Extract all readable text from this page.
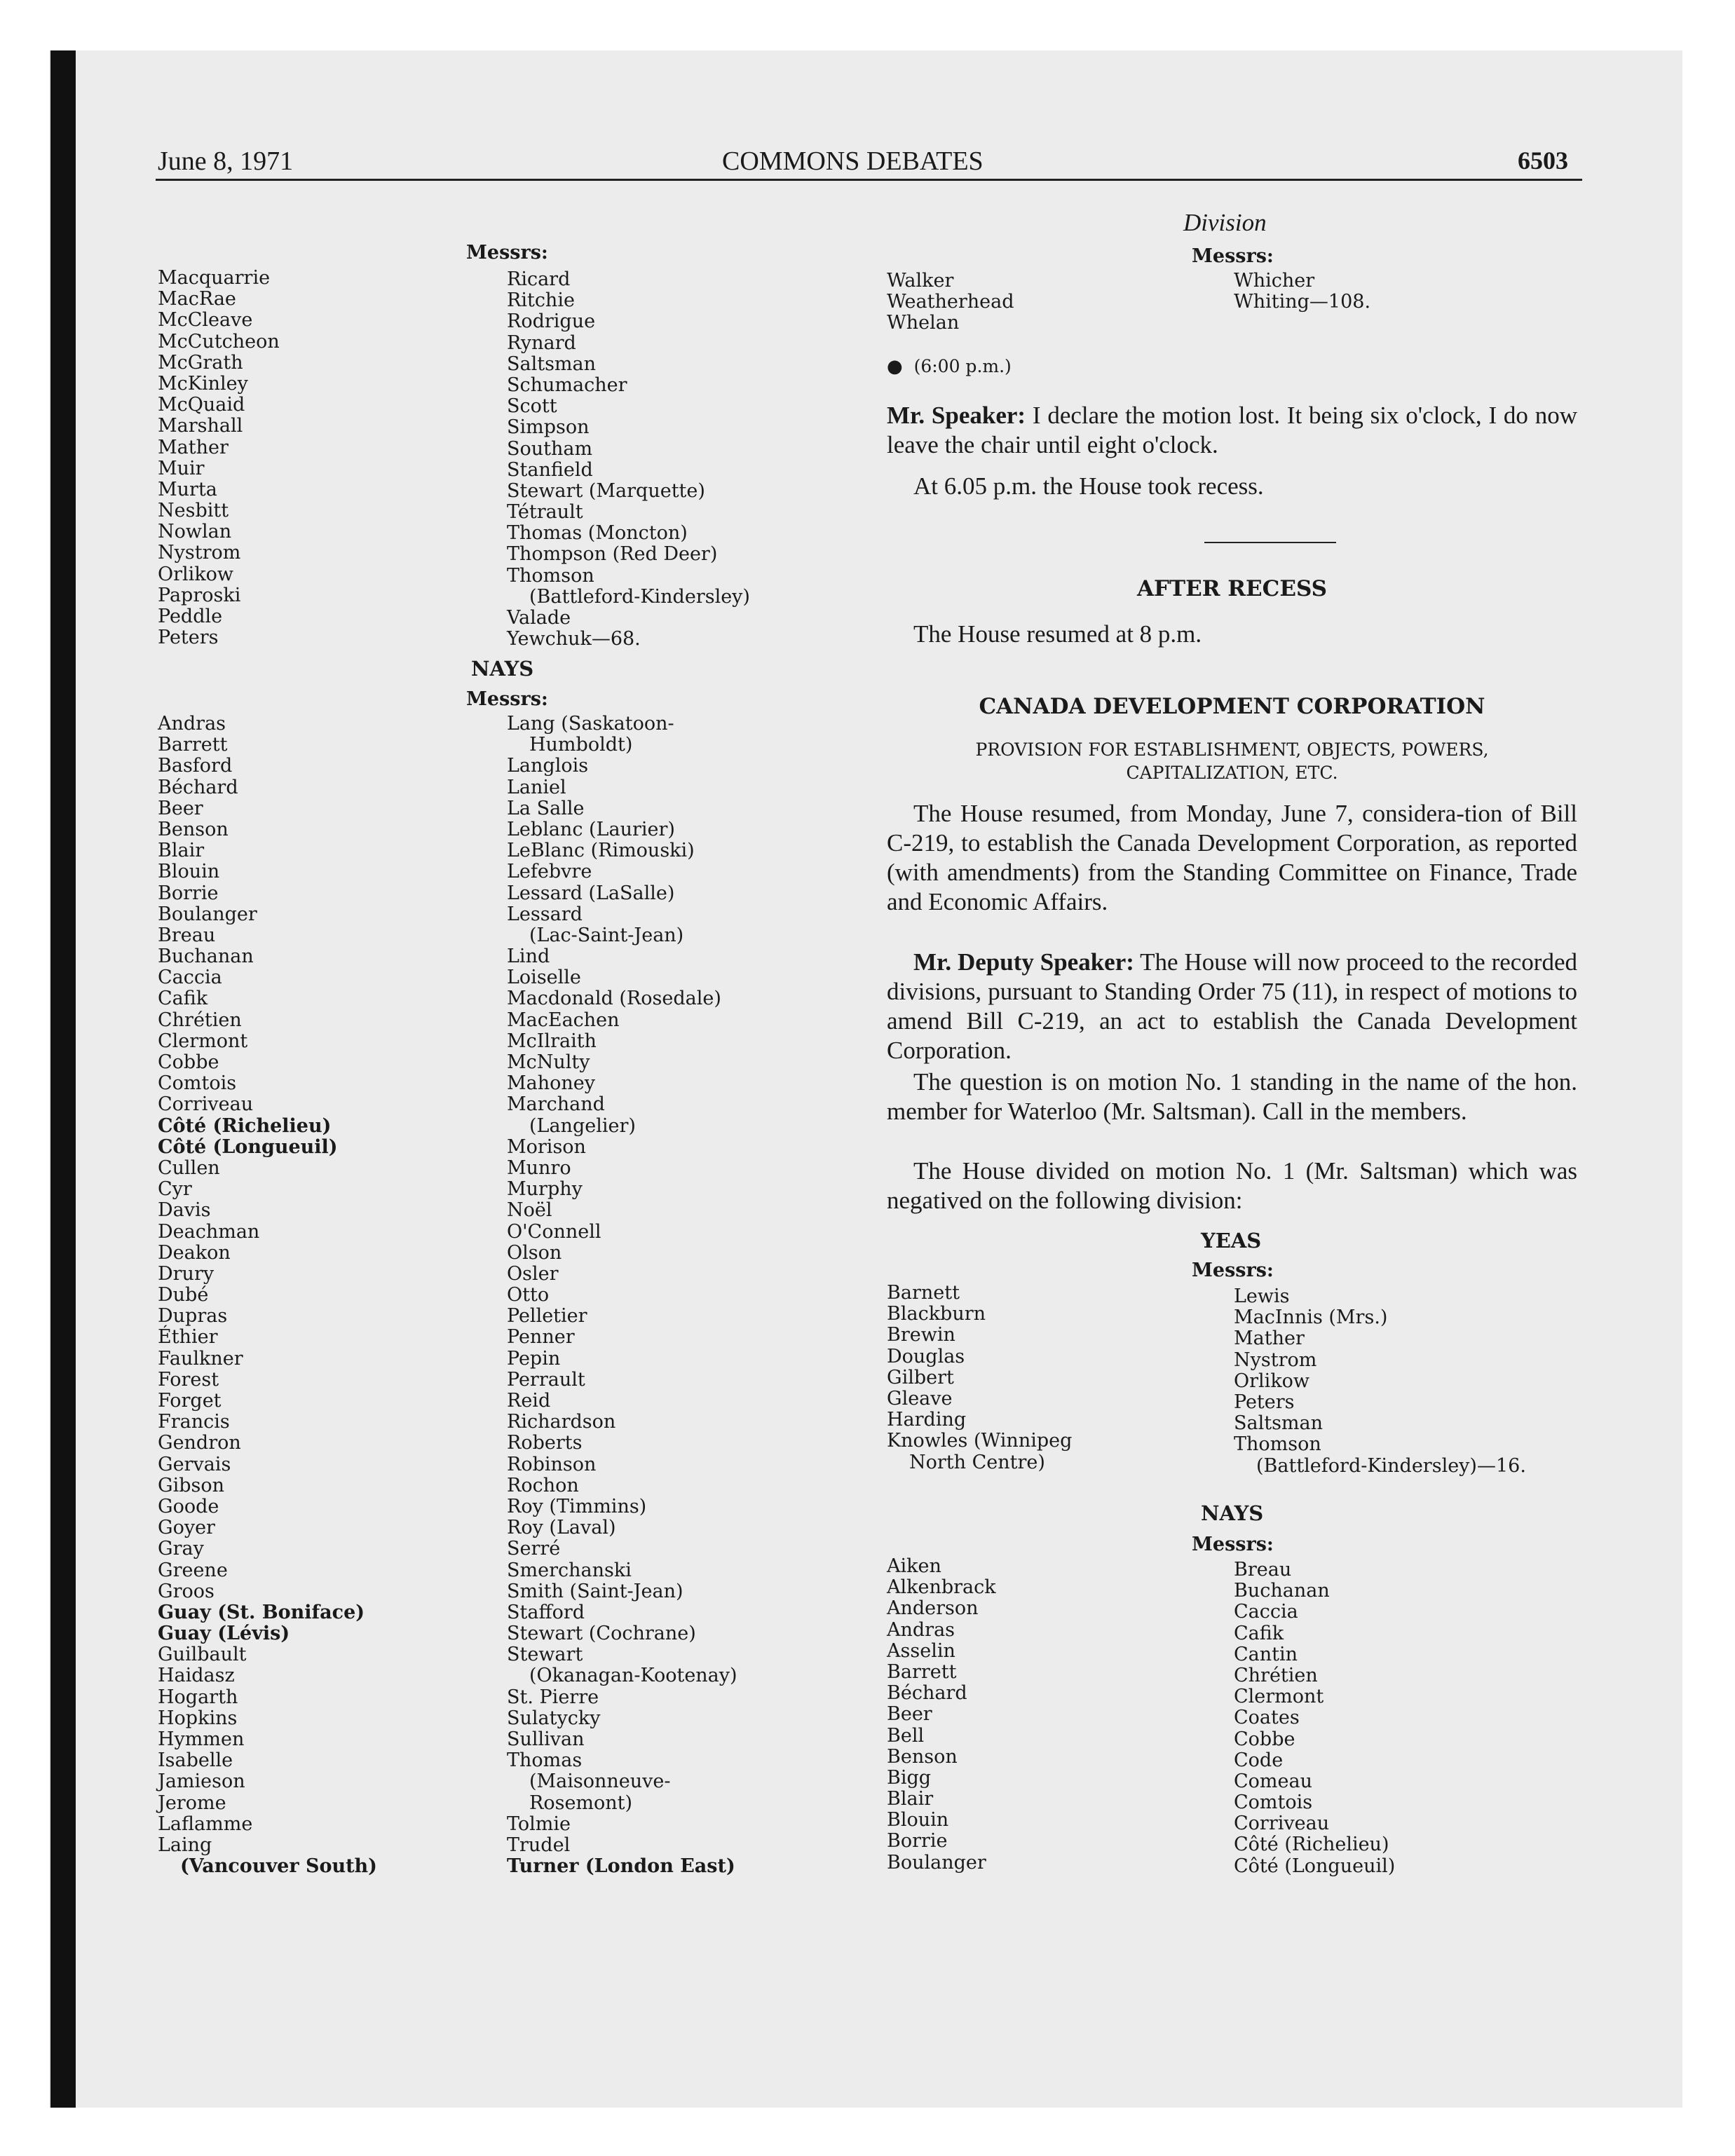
June 8, 1971	COMMONS DEBATES	6503
Messrs:
Macquarrie
MacRae
McCleave
McCutcheon
McGrath
McKinley
McQuaid
Marshall
Mather
Muir
Murta
Nesbitt
Nowlan
Nystrom
Orlikow
Paproski
Peddle
Peters
Ricard
Ritchie
Rodrigue
Rynard
Saltsman
Schumacher
Scott
Simpson
Southam
Stanfield
Stewart (Marquette)
Tétrault
Thomas (Moncton)
Thompson (Red Deer)
Thomson
(Battleford-Kindersley)
Valade
Yewchuk—68.
NAYS
Messrs:
Andras
Barrett
Basford
Béchard
Beer
Benson
Blair
Blouin
Borrie
Boulanger
Breau
Buchanan
Caccia
Cafik
Chrétien
Clermont
Cobbe
Comtois
Corriveau
Côté (Richelieu)
Côté (Longueuil)
Cullen
Cyr
Davis
Deachman
Deakon
Drury
Dubé
Dupras
Éthier
Faulkner
Forest
Forget
Francis
Gendron
Gervais
Gibson
Goode
Goyer
Gray
Greene
Groos
Guay (St. Boniface)
Guay (Lévis)
Guilbault
Haidasz
Hogarth
Hopkins
Hymmen
Isabelle
Jamieson
Jerome
Laflamme
Laing
(Vancouver South)
Lang (Saskatoon-
Humboldt)
Langlois
Laniel
La Salle
Leblanc (Laurier)
LeBlanc (Rimouski)
Lefebvre
Lessard (LaSalle)
Lessard
(Lac-Saint-Jean)
Lind
Loiselle
Macdonald (Rosedale)
MacEachen
McIlraith
McNulty
Mahoney
Marchand
(Langelier)
Morison
Munro
Murphy
Noël
O'Connell
Olson
Osler
Otto
Pelletier
Penner
Pepin
Perrault
Reid
Richardson
Roberts
Robinson
Rochon
Roy (Timmins)
Roy (Laval)
Serré
Smerchanski
Smith (Saint-Jean)
Stafford
Stewart (Cochrane)
Stewart
(Okanagan-Kootenay)
St. Pierre
Sulatycky
Sullivan
Thomas
(Maisonneuve-
Rosemont)
Tolmie
Trudel
Turner (London East)
Division
Messrs:
Walker
Weatherhead
Whelan
Whicher
Whiting—108.
● (6:00 p.m.)
Mr. Speaker: I declare the motion lost. It being six o'clock, I do now leave the chair until eight o'clock.
At 6.05 p.m. the House took recess.
AFTER RECESS
The House resumed at 8 p.m.
CANADA DEVELOPMENT CORPORATION
PROVISION FOR ESTABLISHMENT, OBJECTS, POWERS,
CAPITALIZATION, ETC.
The House resumed, from Monday, June 7, considera-tion of Bill C-219, to establish the Canada Development Corporation, as reported (with amendments) from the Standing Committee on Finance, Trade and Economic Affairs.
Mr. Deputy Speaker: The House will now proceed to the recorded divisions, pursuant to Standing Order 75 (11), in respect of motions to amend Bill C-219, an act to establish the Canada Development Corporation.
The question is on motion No. 1 standing in the name of the hon. member for Waterloo (Mr. Saltsman). Call in the members.
The House divided on motion No. 1 (Mr. Saltsman) which was negatived on the following division:
YEAS
Messrs:
Barnett
Blackburn
Brewin
Douglas
Gilbert
Gleave
Harding
Knowles (Winnipeg
North Centre)
Lewis
MacInnis (Mrs.)
Mather
Nystrom
Orlikow
Peters
Saltsman
Thomson
(Battleford-Kindersley)—16.
NAYS
Messrs:
Aiken
Alkenbrack
Anderson
Andras
Asselin
Barrett
Béchard
Beer
Bell
Benson
Bigg
Blair
Blouin
Borrie
Boulanger
Breau
Buchanan
Caccia
Cafik
Cantin
Chrétien
Clermont
Coates
Cobbe
Code
Comeau
Comtois
Corriveau
Côté (Richelieu)
Côté (Longueuil)
